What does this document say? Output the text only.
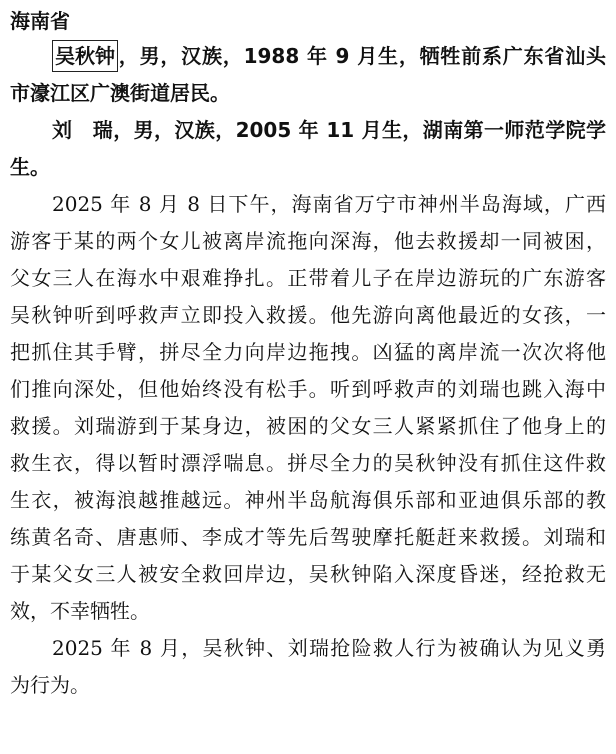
海南省
吴秋钟 ，男，汉族，1988 年 9 月生，牺牲前系广东省汕头
市濠江区广澳街道居民。
刘　瑞，男，汉族，2005 年 11 月生，湖南第一师范学院学
生。
2025 年 8 月 8 日下午，海南省万宁市神州半岛海域，广西
游客于某的两个女儿被离岸流拖向深海，他去救援却一同被困，
父女三人在海水中艰难挣扎。正带着儿子在岸边游玩的广东游客
吴秋钟听到呼救声立即投入救援。他先游向离他最近的女孩，一
把抓住其手臂，拼尽全力向岸边拖拽。凶猛的离岸流一次次将他
们推向深处，但他始终没有松手。听到呼救声的刘瑞也跳入海中
救援。刘瑞游到于某身边，被困的父女三人紧紧抓住了他身上的
救生衣，得以暂时漂浮喘息。拼尽全力的吴秋钟没有抓住这件救
生衣，被海浪越推越远。神州半岛航海俱乐部和亚迪俱乐部的教
练黄名奇、唐惠师、李成才等先后驾驶摩托艇赶来救援。刘瑞和
于某父女三人被安全救回岸边，吴秋钟陷入深度昏迷，经抢救无
效，不幸牺牲。
2025 年 8 月，吴秋钟、刘瑞抢险救人行为被确认为见义勇
为行为。
